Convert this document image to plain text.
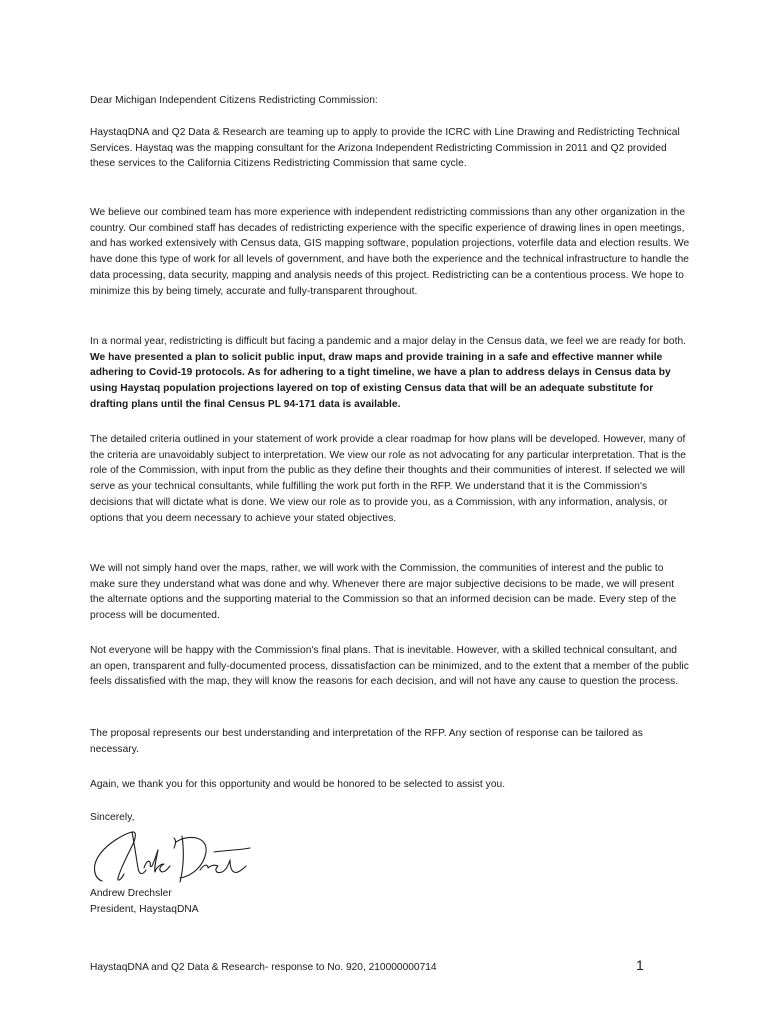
Dear Michigan Independent Citizens Redistricting Commission:
HaystaqDNA and Q2 Data & Research are teaming up to apply to provide the ICRC with Line Drawing and Redistricting Technical Services. Haystaq was the mapping consultant for the Arizona Independent Redistricting Commission in 2011 and Q2 provided these services to the California Citizens Redistricting Commission that same cycle.
We believe our combined team has more experience with independent redistricting commissions than any other organization in the country. Our combined staff has decades of redistricting experience with the specific experience of drawing lines in open meetings, and has worked extensively with Census data, GIS mapping software, population projections, voterfile data and election results. We have done this type of work for all levels of government, and have both the experience and the technical infrastructure to handle the data processing, data security, mapping and analysis needs of this project. Redistricting can be a contentious process. We hope to minimize this by being timely, accurate and fully-transparent throughout.
In a normal year, redistricting is difficult but facing a pandemic and a major delay in the Census data, we feel we are ready for both. We have presented a plan to solicit public input, draw maps and provide training in a safe and effective manner while adhering to Covid-19 protocols. As for adhering to a tight timeline, we have a plan to address delays in Census data by using Haystaq population projections layered on top of existing Census data that will be an adequate substitute for drafting plans until the final Census PL 94-171 data is available.
The detailed criteria outlined in your statement of work provide a clear roadmap for how plans will be developed. However, many of the criteria are unavoidably subject to interpretation. We view our role as not advocating for any particular interpretation. That is the role of the Commission, with input from the public as they define their thoughts and their communities of interest. If selected we will serve as your technical consultants, while fulfilling the work put forth in the RFP. We understand that it is the Commission's decisions that will dictate what is done. We view our role as to provide you, as a Commission, with any information, analysis, or options that you deem necessary to achieve your stated objectives.
We will not simply hand over the maps, rather, we will work with the Commission, the communities of interest and the public to make sure they understand what was done and why. Whenever there are major subjective decisions to be made, we will present the alternate options and the supporting material to the Commission so that an informed decision can be made. Every step of the process will be documented.
Not everyone will be happy with the Commission's final plans. That is inevitable. However, with a skilled technical consultant, and an open, transparent and fully-documented process, dissatisfaction can be minimized, and to the extent that a member of the public feels dissatisfied with the map, they will know the reasons for each decision, and will not have any cause to question the process.
The proposal represents our best understanding and interpretation of the RFP. Any section of response can be tailored as necessary.
Again, we thank you for this opportunity and would be honored to be selected to assist you.
Sincerely,
Andrew Drechsler
President, HaystaqDNA
HaystaqDNA and Q2 Data & Research- response to No. 920, 210000000714	1
